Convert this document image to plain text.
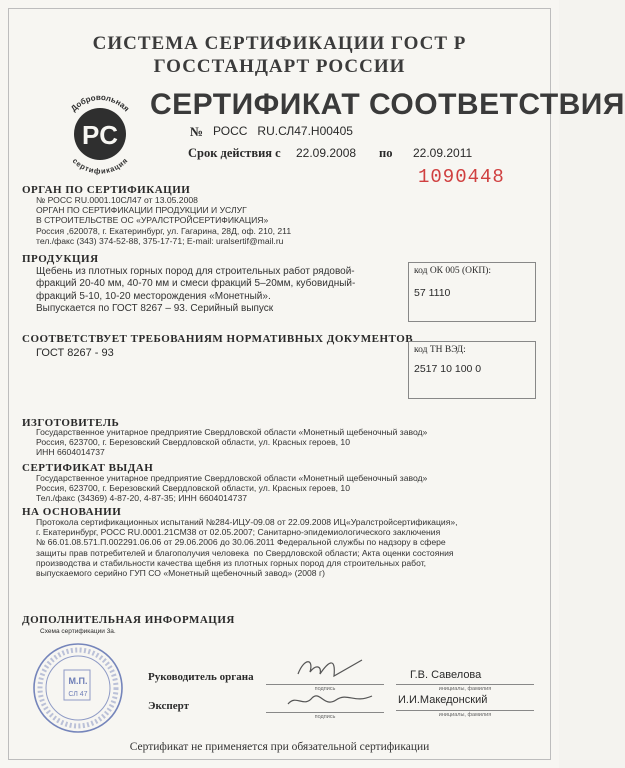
СИСТЕМА СЕРТИФИКАЦИИ ГОСТ Р
ГОССТАНДАРТ РОССИИ
PC
Добровольная
сертификация
СЕРТИФИКАТ СООТВЕТСТВИЯ
№ РОСС   RU.СЛ47.H00405
Срок действия с 22.09.2008 по 22.09.2011
1090448
ОРГАН ПО СЕРТИФИКАЦИИ
№ РОСС RU.0001.10СЛ47 от 13.05.2008
ОРГАН ПО СЕРТИФИКАЦИИ ПРОДУКЦИИ И УСЛУГ
В СТРОИТЕЛЬСТВЕ ОС «УРАЛСТРОЙСЕРТИФИКАЦИЯ»
Россия ,620078, г. Екатеринбург, ул. Гагарина, 28Д, оф. 210, 211
тел./факс (343) 374-52-88, 375-17-71; E-mail: uralsertif@mail.ru
ПРОДУКЦИЯ
Щебень из плотных горных пород для строительных работ рядовой-
фракций 20-40 мм, 40-70 мм и смеси фракций 5–20мм, кубовидный-
фракций 5-10, 10-20 месторождения «Монетный».
Выпускается по ГОСТ 8267 – 93. Серийный выпуск
код ОК 005 (ОКП):
57 1110
СООТВЕТСТВУЕТ ТРЕБОВАНИЯМ НОРМАТИВНЫХ ДОКУМЕНТОВ
ГОСТ 8267 - 93	код ТН ВЭД:
2517 10 100 0
ИЗГОТОВИТЕЛЬ
Государственное унитарное предприятие Свердловской области «Монетный щебеночный завод»
Россия, 623700, г. Березовский Свердловской области, ул. Красных героев, 10
ИНН 6604014737
СЕРТИФИКАТ ВЫДАН
Государственное унитарное предприятие Свердловской области «Монетный щебеночный завод»
Россия, 623700, г. Березовский Свердловской области, ул. Красных героев, 10
Тел./факс (34369) 4-87-20, 4-87-35; ИНН 6604014737
НА ОСНОВАНИИ
Протокола сертификационных испытаний №284-ИЦУ-09.08 от 22.09.2008 ИЦ«Уралстройсертификация»,
г. Екатеринбург, РОСС RU.0001.21СМ38 от 02.05.2007; Санитарно-эпидемиологического заключения
№ 66.01.08.571.П.002291.06.06 от 29.06.2006 до 30.06.2011 Федеральной службы по надзору в сфере
защиты прав потребителей и благополучия человека  по Свердловской области; Акта оценки состояния
производства и стабильности качества щебня из плотных горных пород для строительных работ,
выпускаемого серийно ГУП СО «Монетный щебеночный завод» (2008 г)
ДОПОЛНИТЕЛЬНАЯ ИНФОРМАЦИЯ
Схема сертификации 3а.
М.П.
СЛ 47
Руководитель органа
подпись
Г.В. Савелова
инициалы, фамилия
Эксперт
подпись
И.И.Македонский
инициалы, фамилия
Сертификат не применяется при обязательной сертификации
